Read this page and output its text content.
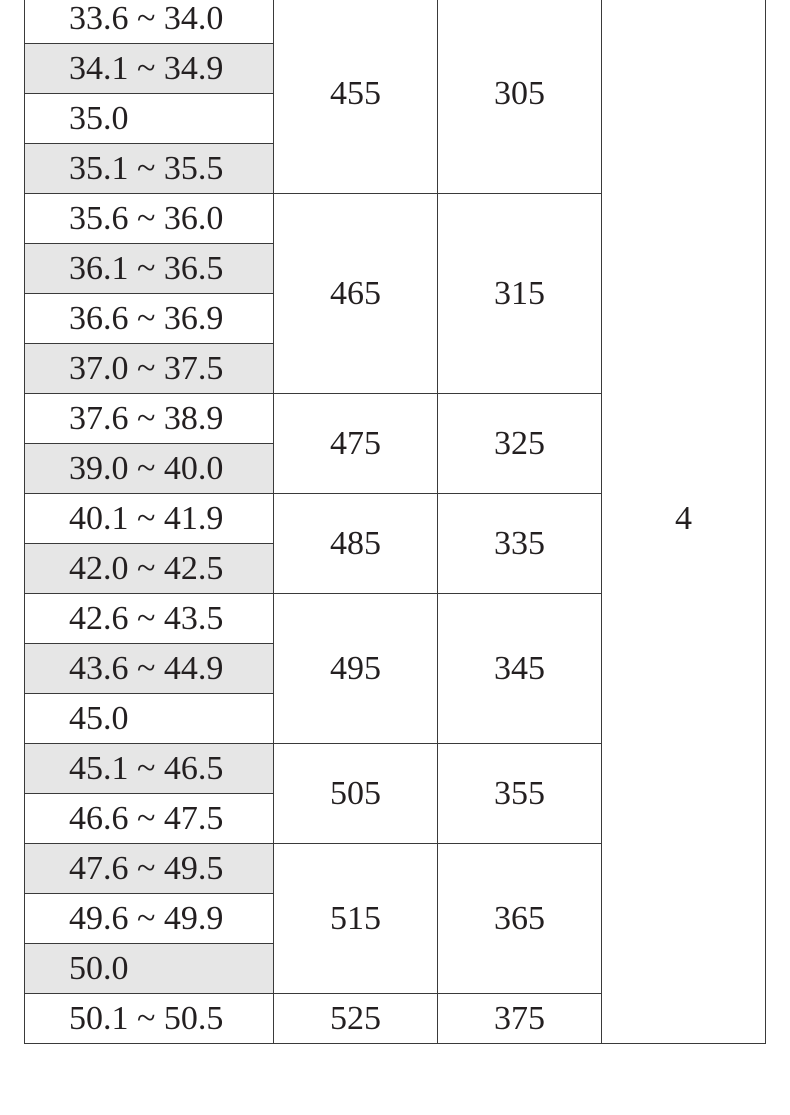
33.6 ~ 34.0	455	305	4
34.1 ~ 34.9			
35.0			
35.1 ~ 35.5			
35.6 ~ 36.0	465	315	
36.1 ~ 36.5			
36.6 ~ 36.9			
37.0 ~ 37.5			
37.6 ~ 38.9	475	325	
39.0 ~ 40.0			
40.1 ~ 41.9	485	335	
42.0 ~ 42.5			
42.6 ~ 43.5	495	345	
43.6 ~ 44.9			
45.0			
45.1 ~ 46.5	505	355	
46.6 ~ 47.5			
47.6 ~ 49.5	515	365	
49.6 ~ 49.9			
50.0			
50.1 ~ 50.5	525	375	
